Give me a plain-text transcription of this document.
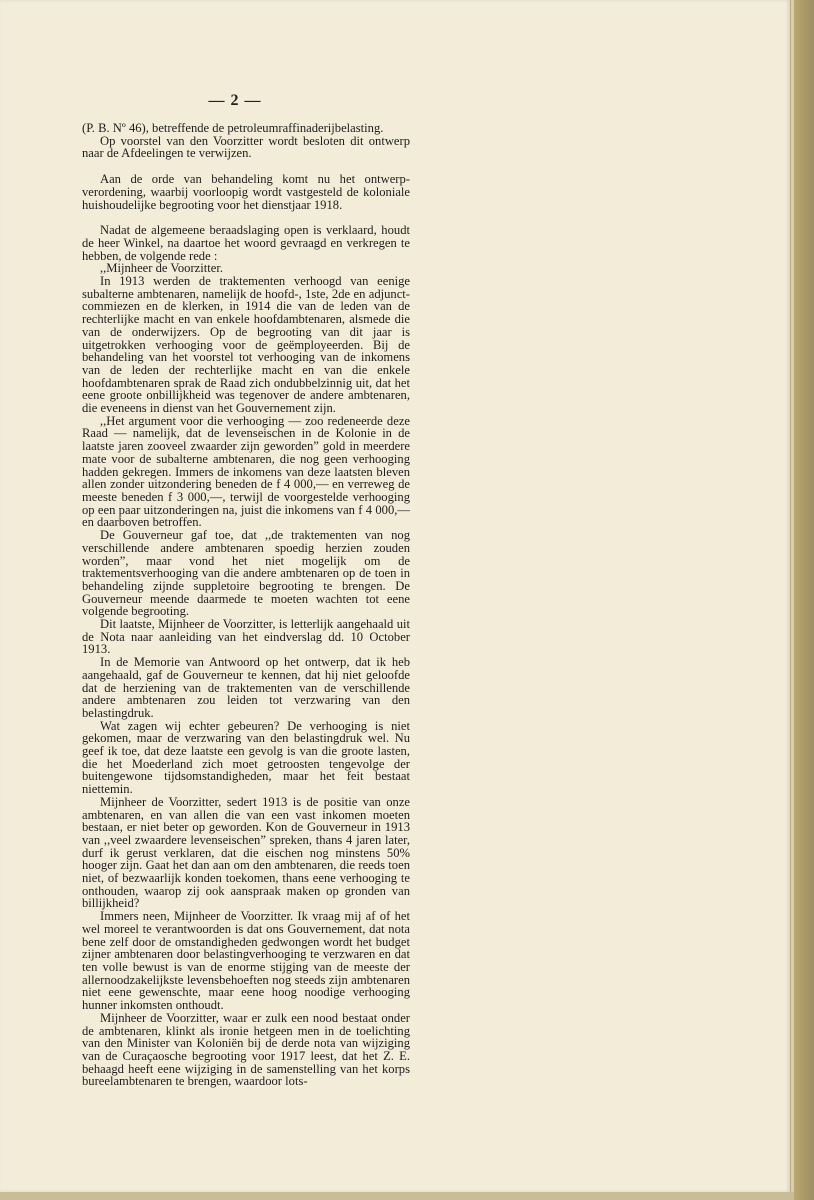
— 2 —

(P. B. Nº 46), betreffende de petroleumraffinaderijbelasting.

Op voorstel van den Voorzitter wordt besloten dit ontwerp naar de Afdeelingen te verwijzen.

Aan de orde van behandeling komt nu het ontwerp-verordening, waarbij voorloopig wordt vastgesteld de koloniale huishoudelijke begrooting voor het dienstjaar 1918.

Nadat de algemeene beraadslaging open is verklaard, houdt de heer Winkel, na daartoe het woord gevraagd en verkregen te hebben, de volgende rede :

,,Mijnheer de Voorzitter.

In 1913 werden de traktementen verhoogd van eenige subalterne ambtenaren, namelijk de hoofd-, 1ste, 2de en adjunct-commiezen en de klerken, in 1914 die van de leden van de rechterlijke macht en van enkele hoofdambtenaren, alsmede die van de onderwijzers. Op de begrooting van dit jaar is uitgetrokken verhooging voor de geëmployeerden. Bij de behandeling van het voorstel tot verhooging van de inkomens van de leden der rechterlijke macht en van die enkele hoofdambtenaren sprak de Raad zich ondubbelzinnig uit, dat het eene groote onbillijkheid was tegenover de andere ambtenaren, die eveneens in dienst van het Gouvernement zijn.

,,Het argument voor die verhooging — zoo redeneerde deze Raad — namelijk, dat de levenseischen in de Kolonie in de laatste jaren zooveel zwaarder zijn geworden” gold in meerdere mate voor de subalterne ambtenaren, die nog geen verhooging hadden gekregen. Immers de inkomens van deze laatsten bleven allen zonder uitzondering beneden de f 4 000,— en verreweg de meeste beneden f 3 000,—, terwijl de voorgestelde verhooging op een paar uitzonderingen na, juist die inkomens van f 4 000,— en daarboven betroffen.

De Gouverneur gaf toe, dat ,,de traktementen van nog verschillende andere ambtenaren spoedig herzien zouden worden”, maar vond het niet mogelijk om de traktementsverhooging van die andere ambtenaren op de toen in behandeling zijnde suppletoire begrooting te brengen. De Gouverneur meende daarmede te moeten wachten tot eene volgende begrooting.

Dit laatste, Mijnheer de Voorzitter, is letterlijk aangehaald uit de Nota naar aanleiding van het eindverslag dd. 10 October 1913.

In de Memorie van Antwoord op het ontwerp, dat ik heb aangehaald, gaf de Gouverneur te kennen, dat hij niet geloofde dat de herziening van de traktementen van de verschillende andere ambtenaren zou leiden tot verzwaring van den belastingdruk.

Wat zagen wij echter gebeuren? De verhooging is niet gekomen, maar de verzwaring van den belastingdruk wel. Nu geef ik toe, dat deze laatste een gevolg is van die groote lasten, die het Moederland zich moet getroosten tengevolge der buitengewone tijdsomstandigheden, maar het feit bestaat niettemin.

Mijnheer de Voorzitter, sedert 1913 is de positie van onze ambtenaren, en van allen die van een vast inkomen moeten bestaan, er niet beter op geworden. Kon de Gouverneur in 1913 van ,,veel zwaardere levenseischen” spreken, thans 4 jaren later, durf ik gerust verklaren, dat die eischen nog minstens 50% hooger zijn. Gaat het dan aan om den ambtenaren, die reeds toen niet, of bezwaarlijk konden toekomen, thans eene verhooging te onthouden, waarop zij ook aanspraak maken op gronden van billijkheid?

Immers neen, Mijnheer de Voorzitter. Ik vraag mij af of het wel moreel te verantwoorden is dat ons Gouvernement, dat nota bene zelf door de omstandigheden gedwongen wordt het budget zijner ambtenaren door belastingverhooging te verzwaren en dat ten volle bewust is van de enorme stijging van de meeste der allernoodzakelijkste levensbehoeften nog steeds zijn ambtenaren niet eene gewenschte, maar eene hoog noodige verhooging hunner inkomsten onthoudt.

Mijnheer de Voorzitter, waar er zulk een nood bestaat onder de ambtenaren, klinkt als ironie hetgeen men in de toelichting van den Minister van Koloniën bij de derde nota van wijziging van de Curaçaosche begrooting voor 1917 leest, dat het Z. E. behaagd heeft eene wijziging in de samenstelling van het korps bureelambtenaren te brengen, waardoor lots-
